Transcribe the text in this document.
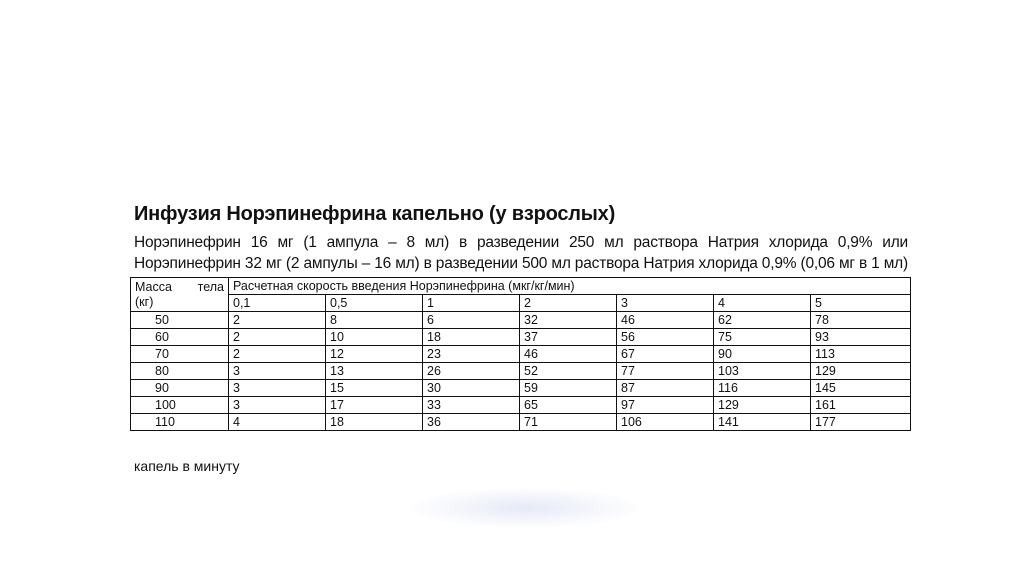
Инфузия Норэпинефрина капельно (у взрослых)
Норэпинефрин 16 мг (1 ампула – 8 мл) в разведении 250 мл раствора Натрия хлорида 0,9% или
Норэпинефрин 32 мг (2 ампулы – 16 мл) в разведении 500 мл раствора Натрия хлорида 0,9% (0,06 мг в 1 мл)
Масса тела
(кг)	Расчетная скорость введения Норэпинефрина (мкг/кг/мин)						
	0,1	0,5	1	2	3	4	5
50	2	8	6	32	46	62	78
60	2	10	18	37	56	75	93
70	2	12	23	46	67	90	113
80	3	13	26	52	77	103	129
90	3	15	30	59	87	116	145
100	3	17	33	65	97	129	161
110	4	18	36	71	106	141	177
капель в минуту
